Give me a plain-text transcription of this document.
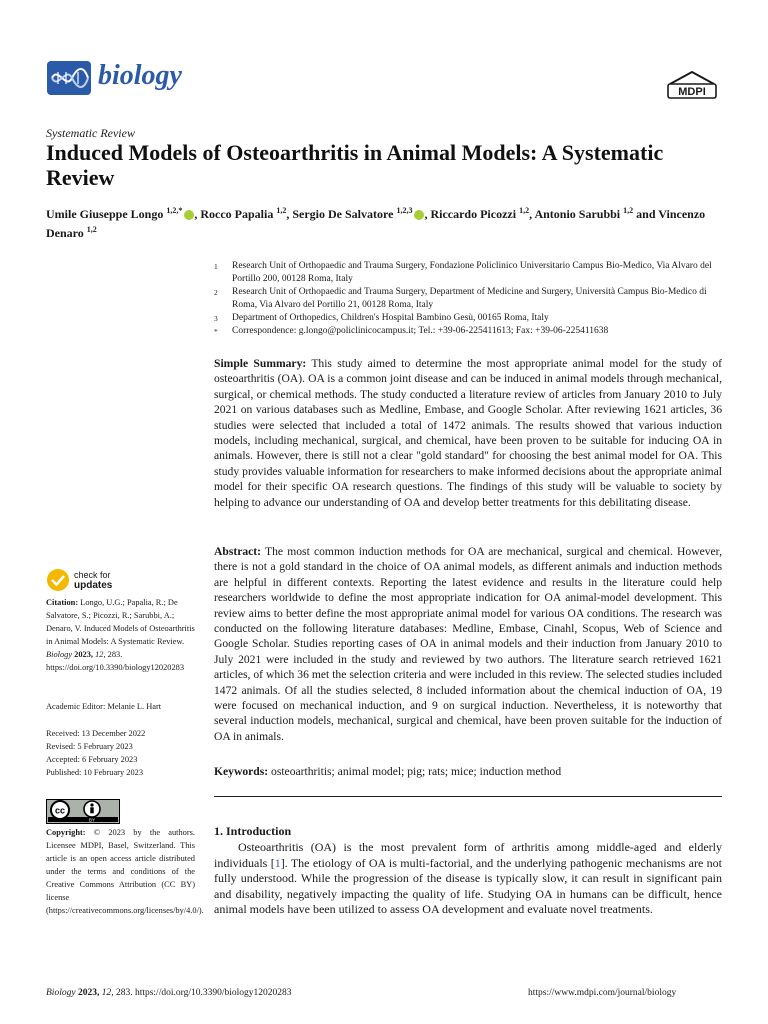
biology
MDPI
Systematic Review
Induced Models of Osteoarthritis in Animal Models: A Systematic Review
Umile Giuseppe Longo $^{1,2,*}$ , Rocco Papalia $^{1,2}$, Sergio De Salvatore $^{1,2,3}$ , Riccardo Picozzi $^{1,2}$, Antonio Sarubbi $^{1,2}$ and Vincenzo Denaro $^{1,2}$
1	Research Unit of Orthopaedic and Trauma Surgery, Fondazione Policlinico Universitario Campus Bio-Medico, Via Alvaro del Portillo 200, 00128 Roma, Italy
2	Research Unit of Orthopaedic and Trauma Surgery, Department of Medicine and Surgery, Università Campus Bio-Medico di Roma, Via Alvaro del Portillo 21, 00128 Roma, Italy
3	Department of Orthopedics, Children's Hospital Bambino Gesù, 00165 Roma, Italy
*	Correspondence: g.longo@policlinicocampus.it; Tel.: +39-06-225411613; Fax: +39-06-225411638
Simple Summary: This study aimed to determine the most appropriate animal model for the study of osteoarthritis (OA). OA is a common joint disease and can be induced in animal models through mechanical, surgical, or chemical methods. The study conducted a literature review of articles from January 2010 to July 2021 on various databases such as Medline, Embase, and Google Scholar. After reviewing 1621 articles, 36 studies were selected that included a total of 1472 animals. The results showed that various induction models, including mechanical, surgical, and chemical, have been proven to be suitable for inducing OA in animals. However, there is still not a clear "gold standard" for choosing the best animal model for OA. This study provides valuable information for researchers to make informed decisions about the appropriate animal model for their specific OA research questions. The findings of this study will be valuable to society by helping to advance our understanding of OA and develop better treatments for this debilitating disease.
Abstract: The most common induction methods for OA are mechanical, surgical and chemical. However, there is not a gold standard in the choice of OA animal models, as different animals and induction methods are helpful in different contexts. Reporting the latest evidence and results in the literature could help researchers worldwide to define the most appropriate indication for OA animal-model development. This review aims to better define the most appropriate animal model for various OA conditions. The research was conducted on the following literature databases: Medline, Embase, Cinahl, Scopus, Web of Science and Google Scholar. Studies reporting cases of OA in animal models and their induction from January 2010 to July 2021 were included in the study and reviewed by two authors. The literature search retrieved 1621 articles, of which 36 met the selection criteria and were included in this review. The selected studies included 1472 animals. Of all the studies selected, 8 included information about the chemical induction of OA, 19 were focused on mechanical induction, and 9 on surgical induction. Nevertheless, it is noteworthy that several induction models, mechanical, surgical and chemical, have been proven suitable for the induction of OA in animals.
Keywords: osteoarthritis; animal model; pig; rats; mice; induction method
1. Introduction

Osteoarthritis (OA) is the most prevalent form of arthritis among middle-aged and elderly individuals [1]. The etiology of OA is multi-factorial, and the underlying pathogenic mechanisms are not fully understood. While the progression of the disease is typically slow, it can result in significant pain and disability, negatively impacting the quality of life. Studying OA in humans can be difficult, hence animal models have been utilized to assess OA development and evaluate novel treatments.

check for
updates
Citation: Longo, U.G.; Papalia, R.; De Salvatore, S.; Picozzi, R.; Sarubbi, A.; Denaro, V. Induced Models of Osteoarthritis in Animal Models: A Systematic Review. Biology 2023, 12, 283. https://doi.org/10.3390/biology12020283
Academic Editor: Melanie L. Hart
Received: 13 December 2022
Revised: 5 February 2023
Accepted: 6 February 2023
Published: 10 February 2023
cc
BY
Copyright: © 2023 by the authors. Licensee MDPI, Basel, Switzerland. This article is an open access article distributed under the terms and conditions of the Creative Commons Attribution (CC BY) license (https://creativecommons.org/licenses/by/4.0/).
Biology 2023, 12, 283. https://doi.org/10.3390/biology12020283	https://www.mdpi.com/journal/biology
